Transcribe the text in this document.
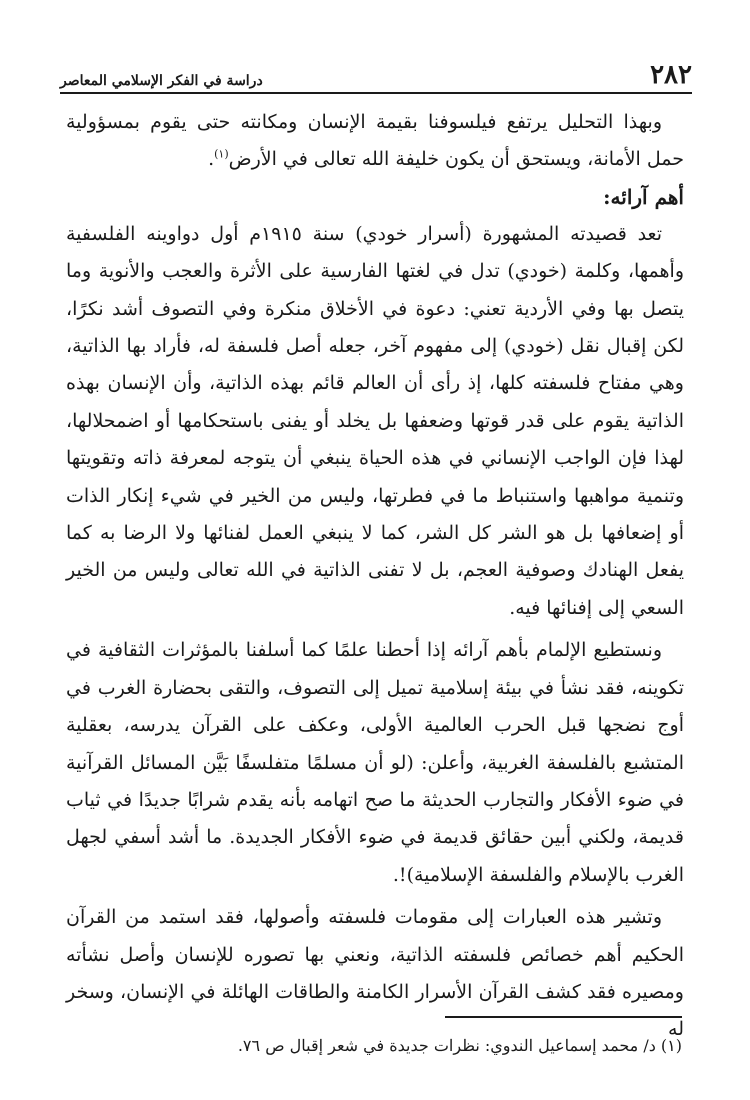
٢٨٢
دراسة في الفكر الإسلامي المعاصر

وبهذا التحليل يرتفع فيلسوفنا بقيمة الإنسان ومكانته حتى يقوم بمسؤولية حمل الأمانة، ويستحق أن يكون خليفة الله تعالى في الأرض$^{(١)}$.

أهم آرائه:

تعد قصيدته المشهورة (أسرار خودي) سنة ١٩١٥م أول دواوينه الفلسفية وأهمها، وكلمة (خودي) تدل في لغتها الفارسية على الأثرة والعجب والأنوية وما يتصل بها وفي الأردية تعني: دعوة في الأخلاق منكرة وفي التصوف أشد نكرًا، لكن إقبال نقل (خودي) إلى مفهوم آخر، جعله أصل فلسفة له، فأراد بها الذاتية، وهي مفتاح فلسفته كلها، إذ رأى أن العالم قائم بهذه الذاتية، وأن الإنسان بهذه الذاتية يقوم على قدر قوتها وضعفها بل يخلد أو يفنى باستحكامها أو اضمحلالها، لهذا فإن الواجب الإنساني في هذه الحياة ينبغي أن يتوجه لمعرفة ذاته وتقويتها وتنمية مواهبها واستنباط ما في فطرتها، وليس من الخير في شيء إنكار الذات أو إضعافها بل هو الشر كل الشر، كما لا ينبغي العمل لفنائها ولا الرضا به كما يفعل الهنادك وصوفية العجم، بل لا تفنى الذاتية في الله تعالى وليس من الخير السعي إلى إفنائها فيه.

ونستطيع الإلمام بأهم آرائه إذا أحطنا علمًا كما أسلفنا بالمؤثرات الثقافية في تكوينه، فقد نشأ في بيئة إسلامية تميل إلى التصوف، والتقى بحضارة الغرب في أوج نضجها قبل الحرب العالمية الأولى، وعكف على القرآن يدرسه، بعقلية المتشبع بالفلسفة الغربية، وأعلن: (لو أن مسلمًا متفلسفًا بَيَّن المسائل القرآنية في ضوء الأفكار والتجارب الحديثة ما صح اتهامه بأنه يقدم شرابًا جديدًا في ثياب قديمة، ولكني أبين حقائق قديمة في ضوء الأفكار الجديدة. ما أشد أسفي لجهل الغرب بالإسلام والفلسفة الإسلامية)!.

وتشير هذه العبارات إلى مقومات فلسفته وأصولها، فقد استمد من القرآن الحكيم أهم خصائص فلسفته الذاتية، ونعني بها تصوره للإنسان وأصل نشأته ومصيره فقد كشف القرآن الأسرار الكامنة والطاقات الهائلة في الإنسان، وسخر له

(١) د/ محمد إسماعيل الندوي: نظرات جديدة في شعر إقبال ص ٧٦.
